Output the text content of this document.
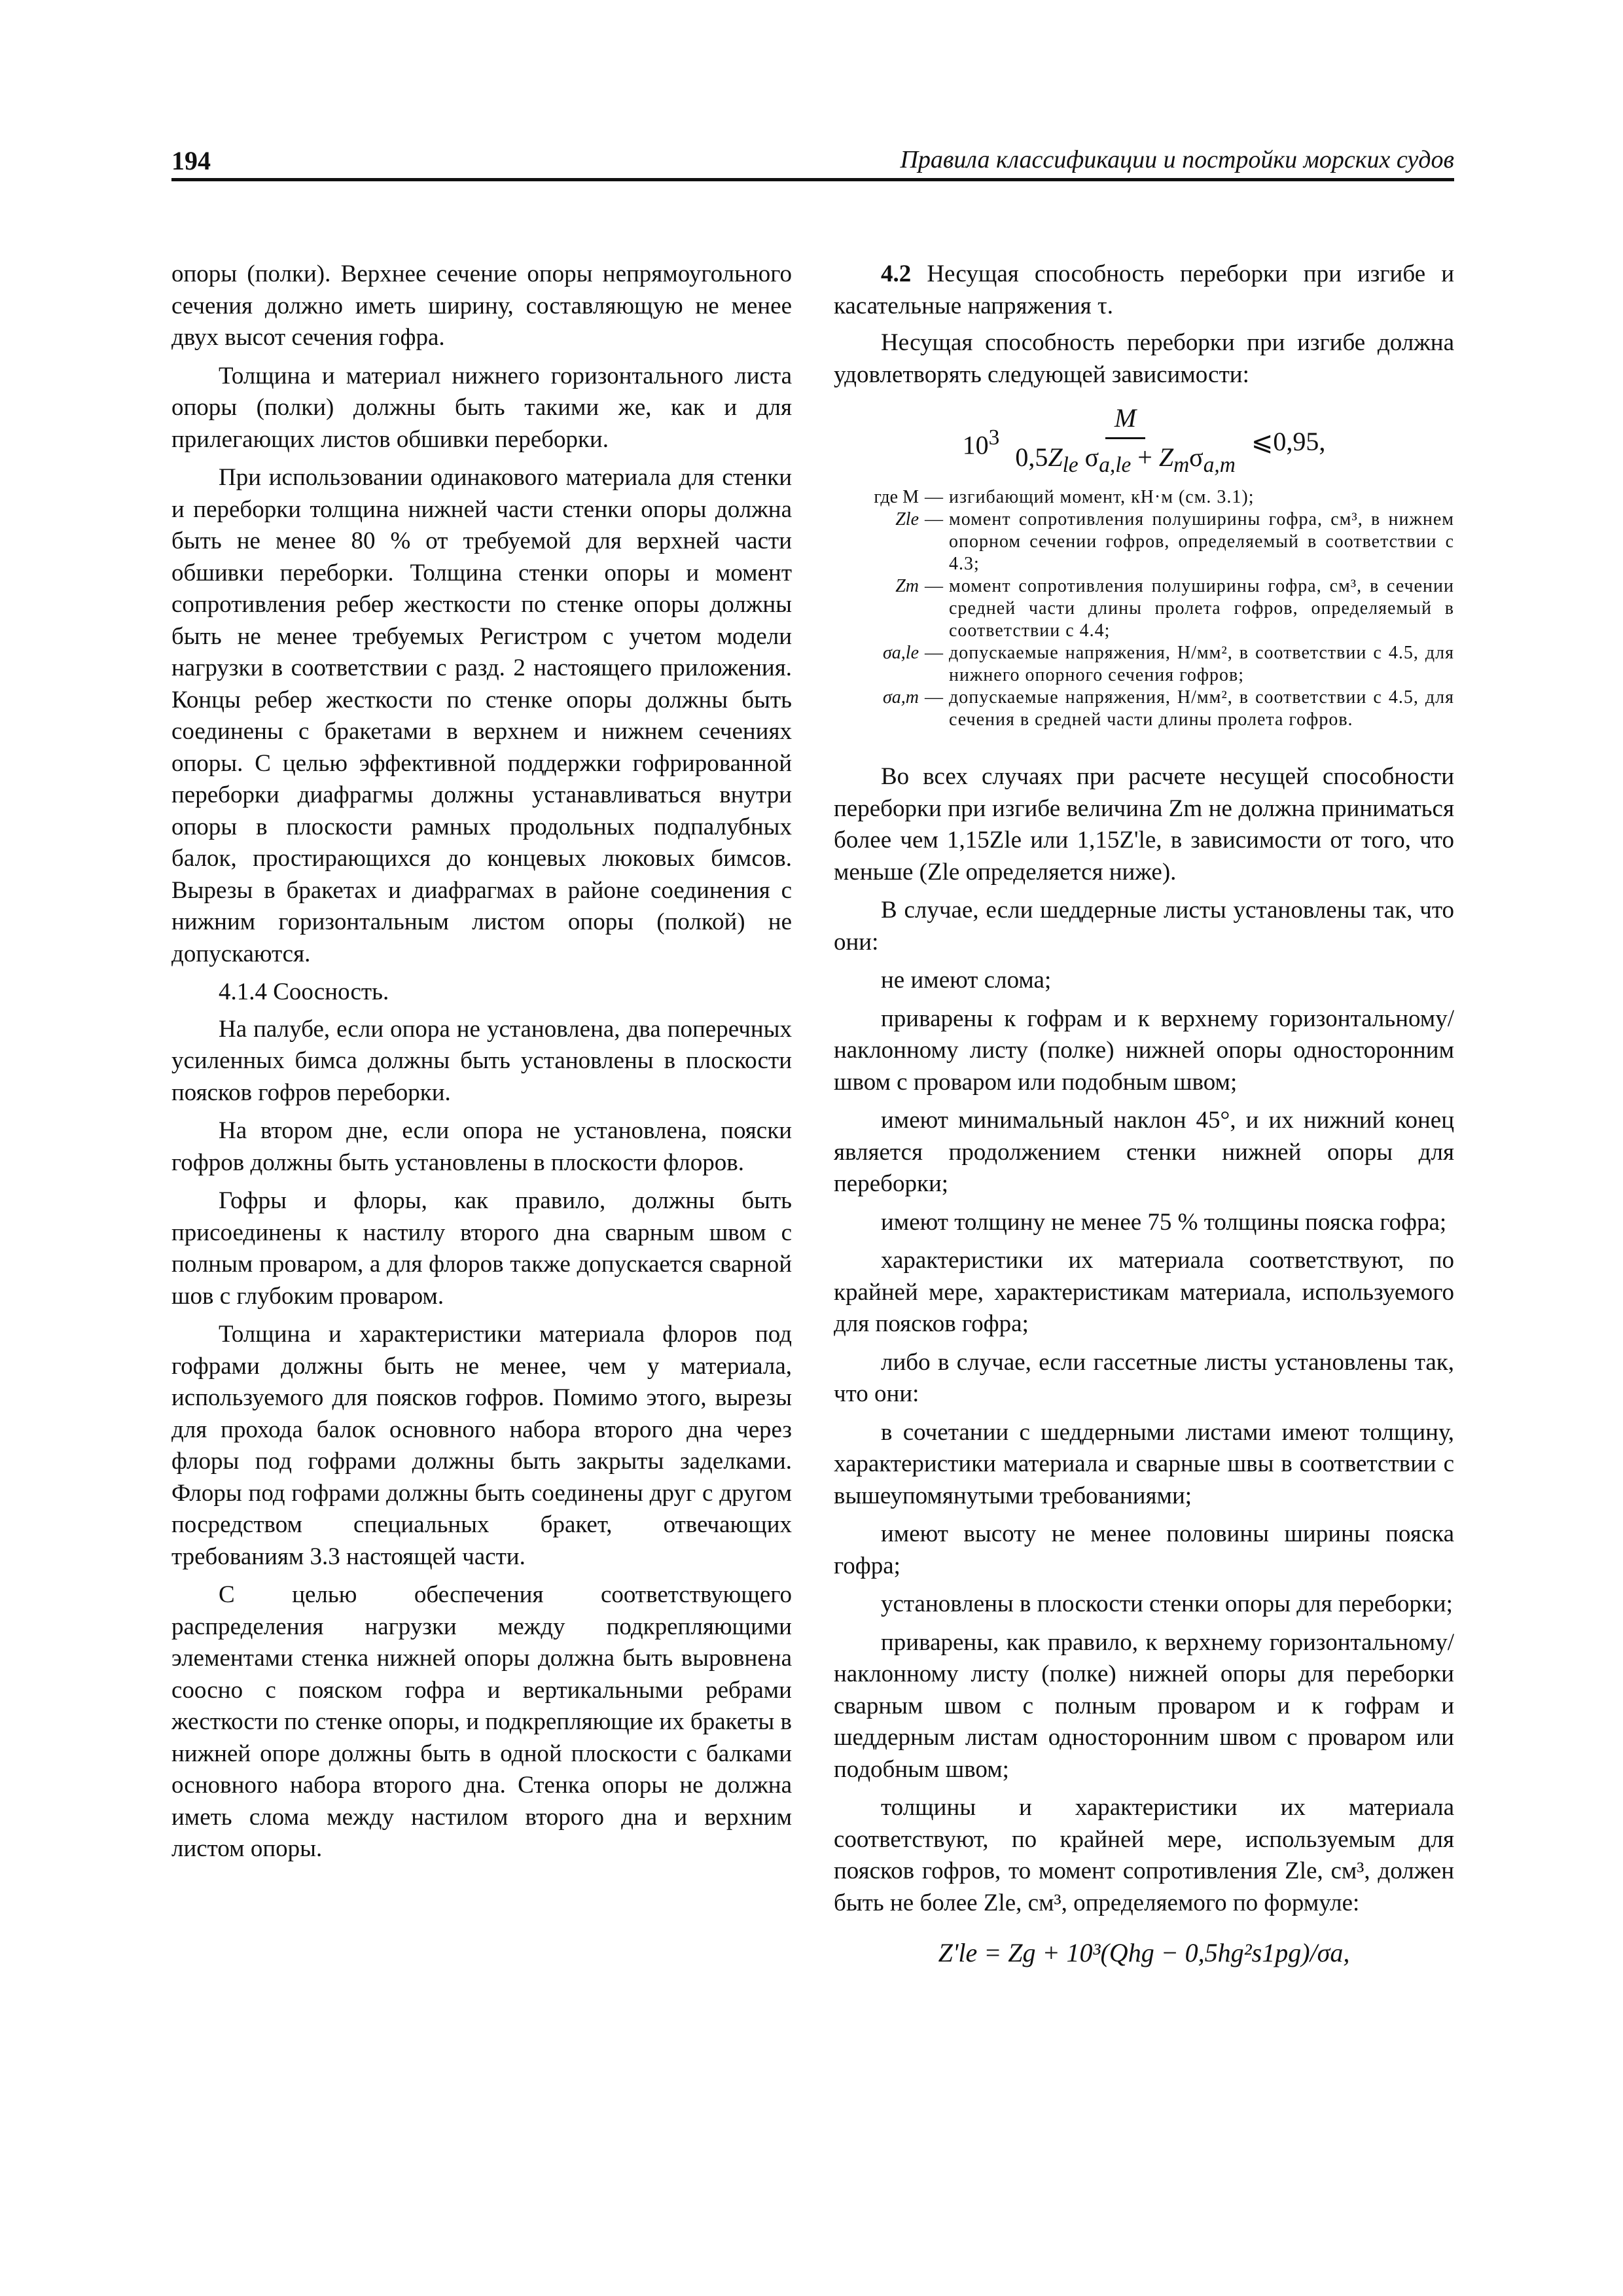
194	Правила классификации и постройки морских судов

опоры (полки). Верхнее сечение опоры непрямоугольного сечения должно иметь ширину, составляющую не менее двух высот сечения гофра.

Толщина и материал нижнего горизонтального листа опоры (полки) должны быть такими же, как и для прилегающих листов обшивки переборки.

При использовании одинакового материала для стенки и переборки толщина нижней части стенки опоры должна быть не менее 80 % от требуемой для верхней части обшивки переборки. Толщина стенки опоры и момент сопротивления ребер жесткости по стенке опоры должны быть не менее требуемых Регистром с учетом модели нагрузки в соответствии с разд. 2 настоящего приложения. Концы ребер жесткости по стенке опоры должны быть соединены с бракетами в верхнем и нижнем сечениях опоры. С целью эффективной поддержки гофрированной переборки диафрагмы должны устанавливаться внутри опоры в плоскости рамных продольных подпалубных балок, простирающихся до концевых люковых бимсов. Вырезы в бракетах и диафрагмах в районе соединения с нижним горизонтальным листом опоры (полкой) не допускаются.

4.1.4 Соосность.

На палубе, если опора не установлена, два поперечных усиленных бимса должны быть установлены в плоскости поясков гофров переборки.

На втором дне, если опора не установлена, пояски гофров должны быть установлены в плоскости флоров.

Гофры и флоры, как правило, должны быть присоединены к настилу второго дна сварным швом с полным проваром, а для флоров также допускается сварной шов с глубоким проваром.

Толщина и характеристики материала флоров под гофрами должны быть не менее, чем у материала, используемого для поясков гофров. Помимо этого, вырезы для прохода балок основного набора второго дна через флоры под гофрами должны быть закрыты заделками. Флоры под гофрами должны быть соединены друг с другом посредством специальных бракет, отвечающих требованиям 3.3 настоящей части.

С целью обеспечения соответствующего распределения нагрузки между подкрепляющими элементами стенка нижней опоры должна быть выровнена соосно с пояском гофра и вертикальными ребрами жесткости по стенке опоры, и подкрепляющие их бракеты в нижней опоре должны быть в одной плоскости с балками основного набора второго дна. Стенка опоры не должна иметь слома между настилом второго дна и верхним листом опоры.

4.2 Несущая способность переборки при изгибе и касательные напряжения τ.

Несущая способность переборки при изгибе должна удовлетворять следующей зависимости:

$10^3 \frac{M}{0,5Z_{le} \sigma_{a,le} + Z_m\sigma_{a,m}}$ ⩽0,95,
где M — изгибающий момент, кН·м (см. 3.1);
Zle — момент сопротивления полуширины гофра, см³, в нижнем опорном сечении гофров, определяемый в соответствии с 4.3;
Zm — момент сопротивления полуширины гофра, см³, в сечении средней части длины пролета гофров, определяемый в соответствии с 4.4;
σa,le — допускаемые напряжения, Н/мм², в соответствии с 4.5, для нижнего опорного сечения гофров;
σa,m — допускаемые напряжения, Н/мм², в соответствии с 4.5, для сечения в средней части длины пролета гофров.

Во всех случаях при расчете несущей способности переборки при изгибе величина Zm не должна приниматься более чем 1,15Zle или 1,15Z'le, в зависимости от того, что меньше (Zle определяется ниже).

В случае, если шеддерные листы установлены так, что они:

не имеют слома;

приварены к гофрам и к верхнему горизонтальному/наклонному листу (полке) нижней опоры односторонним швом с проваром или подобным швом;

имеют минимальный наклон 45°, и их нижний конец является продолжением стенки нижней опоры для переборки;

имеют толщину не менее 75 % толщины пояска гофра;

характеристики их материала соответствуют, по крайней мере, характеристикам материала, используемого для поясков гофра;

либо в случае, если гассетные листы установлены так, что они:

в сочетании с шеддерными листами имеют толщину, характеристики материала и сварные швы в соответствии с вышеупомянутыми требованиями;

имеют высоту не менее половины ширины пояска гофра;

установлены в плоскости стенки опоры для переборки;

приварены, как правило, к верхнему горизонтальному/наклонному листу (полке) нижней опоры для переборки сварным швом с полным проваром и к гофрам и шеддерным листам односторонним швом с проваром или подобным швом;

толщины и характеристики их материала соответствуют, по крайней мере, используемым для поясков гофров, то момент сопротивления Zle, см³, должен быть не более Zle, см³, определяемого по формуле:

Z'le = Zg + 10³(Qhg − 0,5hg²s1pg)/σa,
